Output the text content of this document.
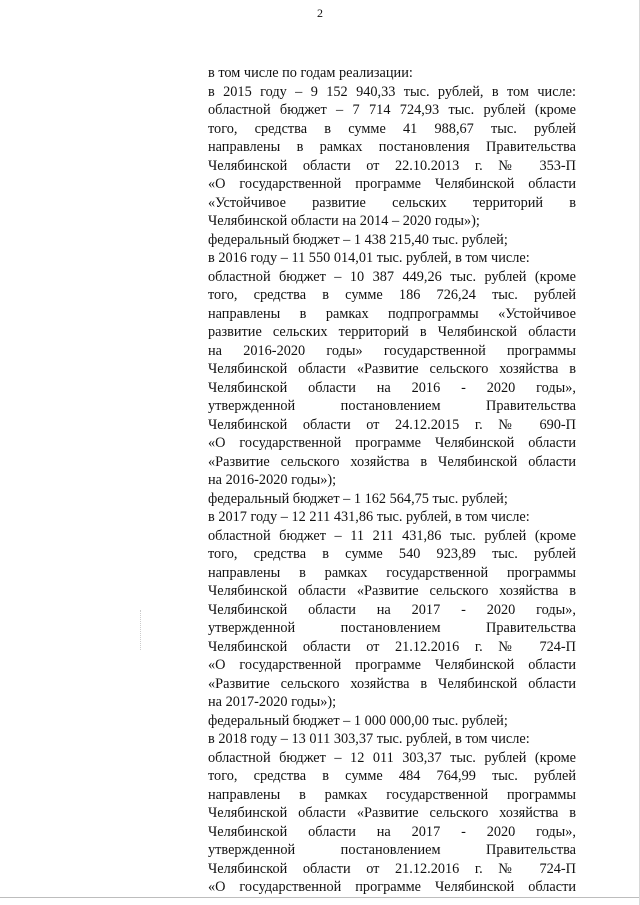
2
в том числе по годам реализации:
в 2015 году – 9 152 940,33 тыс. рублей, в том числе:
областной бюджет – 7 714 724,93 тыс. рублей (кроме
того, средства в сумме 41 988,67 тыс. рублей
направлены в рамках постановления Правительства
Челябинской области от 22.10.2013 г. № 353-П
«О государственной программе Челябинской области
«Устойчивое развитие сельских территорий в
Челябинской области на 2014 – 2020 годы»);
федеральный бюджет – 1 438 215,40 тыс. рублей;
в 2016 году – 11 550 014,01 тыс. рублей, в том числе:
областной бюджет – 10 387 449,26 тыс. рублей (кроме
того, средства в сумме 186 726,24 тыс. рублей
направлены в рамках подпрограммы «Устойчивое
развитие сельских территорий в Челябинской области
на 2016-2020 годы» государственной программы
Челябинской области «Развитие сельского хозяйства в
Челябинской области на 2016 - 2020 годы»,
утвержденной постановлением Правительства
Челябинской области от 24.12.2015 г. № 690-П
«О государственной программе Челябинской области
«Развитие сельского хозяйства в Челябинской области
на 2016-2020 годы»);
федеральный бюджет – 1 162 564,75 тыс. рублей;
в 2017 году – 12 211 431,86 тыс. рублей, в том числе:
областной бюджет – 11 211 431,86 тыс. рублей (кроме
того, средства в сумме 540 923,89 тыс. рублей
направлены в рамках государственной программы
Челябинской области «Развитие сельского хозяйства в
Челябинской области на 2017 - 2020 годы»,
утвержденной постановлением Правительства
Челябинской области от 21.12.2016 г. № 724-П
«О государственной программе Челябинской области
«Развитие сельского хозяйства в Челябинской области
на 2017-2020 годы»);
федеральный бюджет – 1 000 000,00 тыс. рублей;
в 2018 году – 13 011 303,37 тыс. рублей, в том числе:
областной бюджет – 12 011 303,37 тыс. рублей (кроме
того, средства в сумме 484 764,99 тыс. рублей
направлены в рамках государственной программы
Челябинской области «Развитие сельского хозяйства в
Челябинской области на 2017 - 2020 годы»,
утвержденной постановлением Правительства
Челябинской области от 21.12.2016 г. № 724-П
«О государственной программе Челябинской области
